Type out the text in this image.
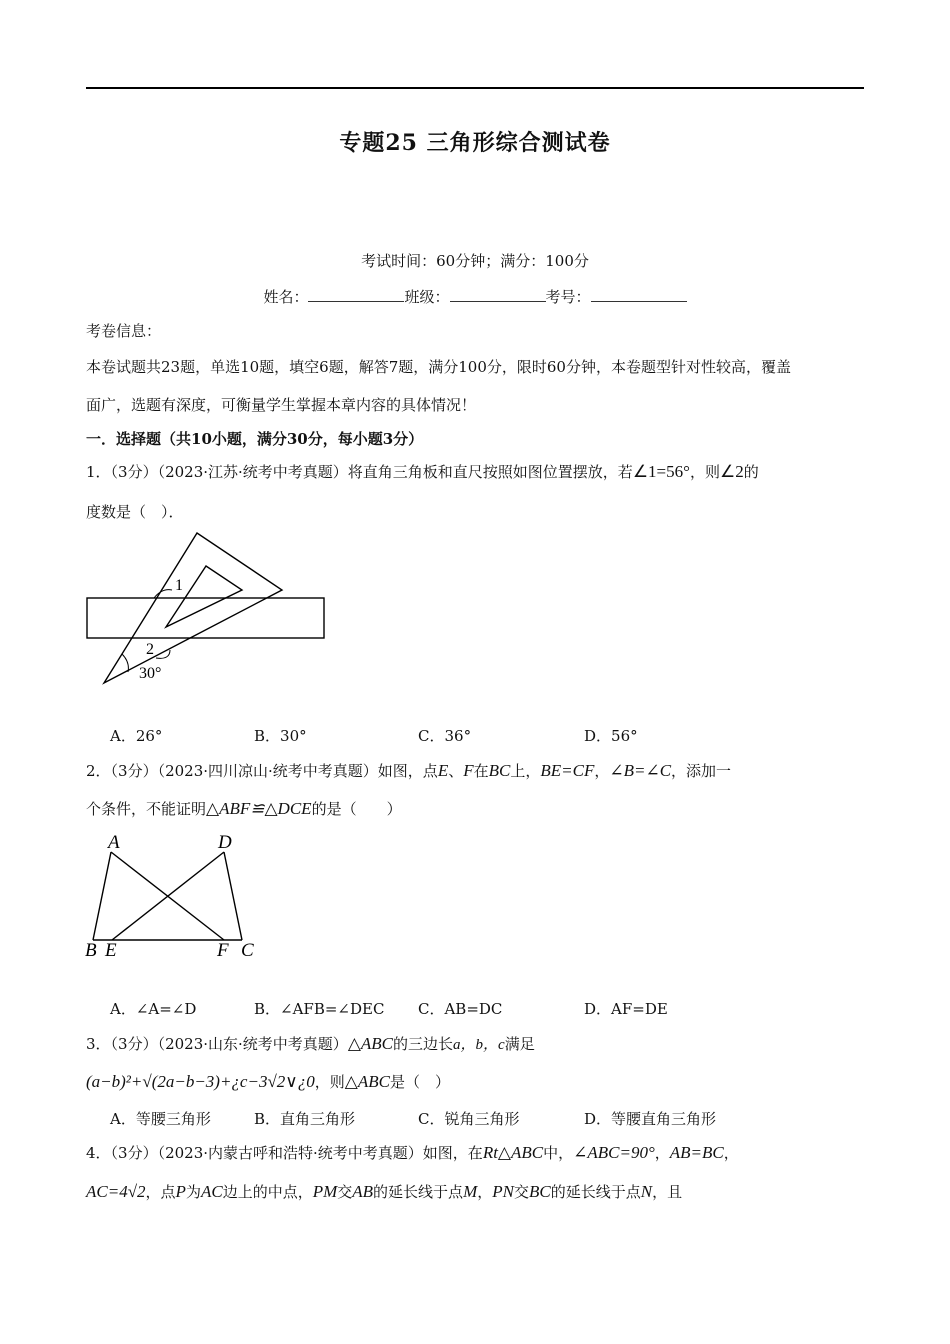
专题25 三角形综合测试卷
考试时间：60分钟；满分：100分
姓名：	班级：	考号：
考卷信息：
本卷试题共23题，单选10题，填空6题，解答7题，满分100分，限时60分钟，本卷题型针对性较高，覆盖
面广，选题有深度，可衡量学生掌握本章内容的具体情况！
一．选择题（共10小题，满分30分，每小题3分）
1．（3分）（2023·江苏·统考中考真题）将直角三角板和直尺按照如图位置摆放，若∠1=56°，则∠2的
度数是（　）．
1
2
30°
A．26°	B．30°	C．36°	D．56°
2．（3分）（2023·四川凉山·统考中考真题）如图，点E、F在BC上，BE=CF，∠B=∠C，添加一
个条件，不能证明△ABF≌△DCE的是（　　）
A	D
B E	F C
A．∠A=∠D	B．∠AFB=∠DEC C．AB=DC	D．AF=DE
3．（3分）（2023·山东·统考中考真题）△ABC的三边长a，b，c满足
(a−b)²+√(2a−b−3)+¿c−3√2∨¿0，则△ABC是（　）
A．等腰三角形	B．直角三角形	C．锐角三角形	D．等腰直角三角形
4．（3分）（2023·内蒙古呼和浩特·统考中考真题）如图，在Rt△ABC中，∠ABC=90°，AB=BC，
AC=4√2，点P为AC边上的中点，PM交AB的延长线于点M，PN交BC的延长线于点N，且
